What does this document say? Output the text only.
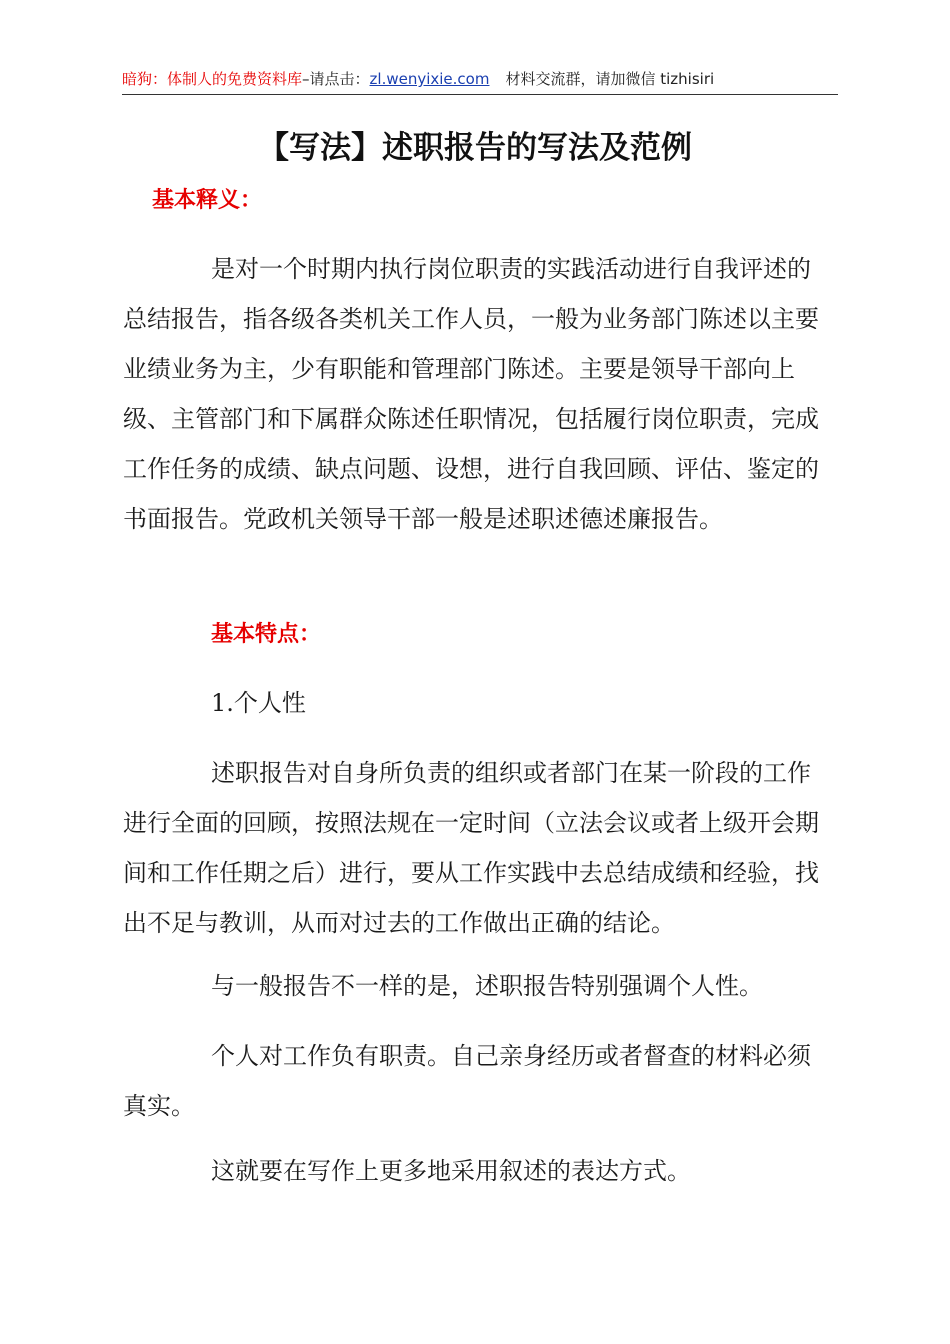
暗狗：体制人的免费资料库–请点击：zl.wenyixie.com 材料交流群，请加微信 tizhisiri
【写法】述职报告的写法及范例
基本释义：

是对一个时期内执行岗位职责的实践活动进行自我评述的总结报告，指各级各类机关工作人员，一般为业务部门陈述以主要业绩业务为主，少有职能和管理部门陈述。主要是领导干部向上级、主管部门和下属群众陈述任职情况，包括履行岗位职责，完成工作任务的成绩、缺点问题、设想，进行自我回顾、评估、鉴定的书面报告。党政机关领导干部一般是述职述德述廉报告。

基本特点：

1.个人性

述职报告对自身所负责的组织或者部门在某一阶段的工作进行全面的回顾，按照法规在一定时间（立法会议或者上级开会期间和工作任期之后）进行，要从工作实践中去总结成绩和经验，找出不足与教训，从而对过去的工作做出正确的结论。

与一般报告不一样的是，述职报告特别强调个人性。

个人对工作负有职责。自己亲身经历或者督查的材料必须真实。

这就要在写作上更多地采用叙述的表达方式。
